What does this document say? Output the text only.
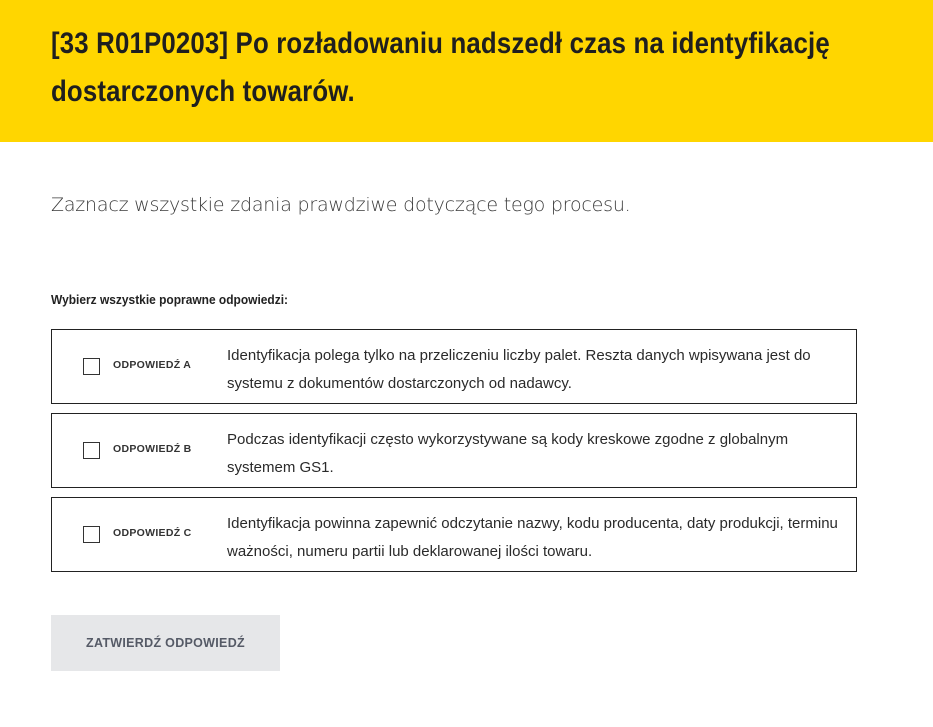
[33 R01P0203] Po rozładowaniu nadszedł czas na identyfikację dostarczonych towarów.
Zaznacz wszystkie zdania prawdziwe dotyczące tego procesu.
Wybierz wszystkie poprawne odpowiedzi:
ODPOWIEDŹ A
Identyfikacja polega tylko na przeliczeniu liczby palet. Reszta danych wpisywana jest do systemu z dokumentów dostarczonych od nadawcy.
ODPOWIEDŹ B
Podczas identyfikacji często wykorzystywane są kody kreskowe zgodne z globalnym systemem GS1.
ODPOWIEDŹ C
Identyfikacja powinna zapewnić odczytanie nazwy, kodu producenta, daty produkcji, terminu ważności, numeru partii lub deklarowanej ilości towaru.
ZATWIERDŹ ODPOWIEDŹ
